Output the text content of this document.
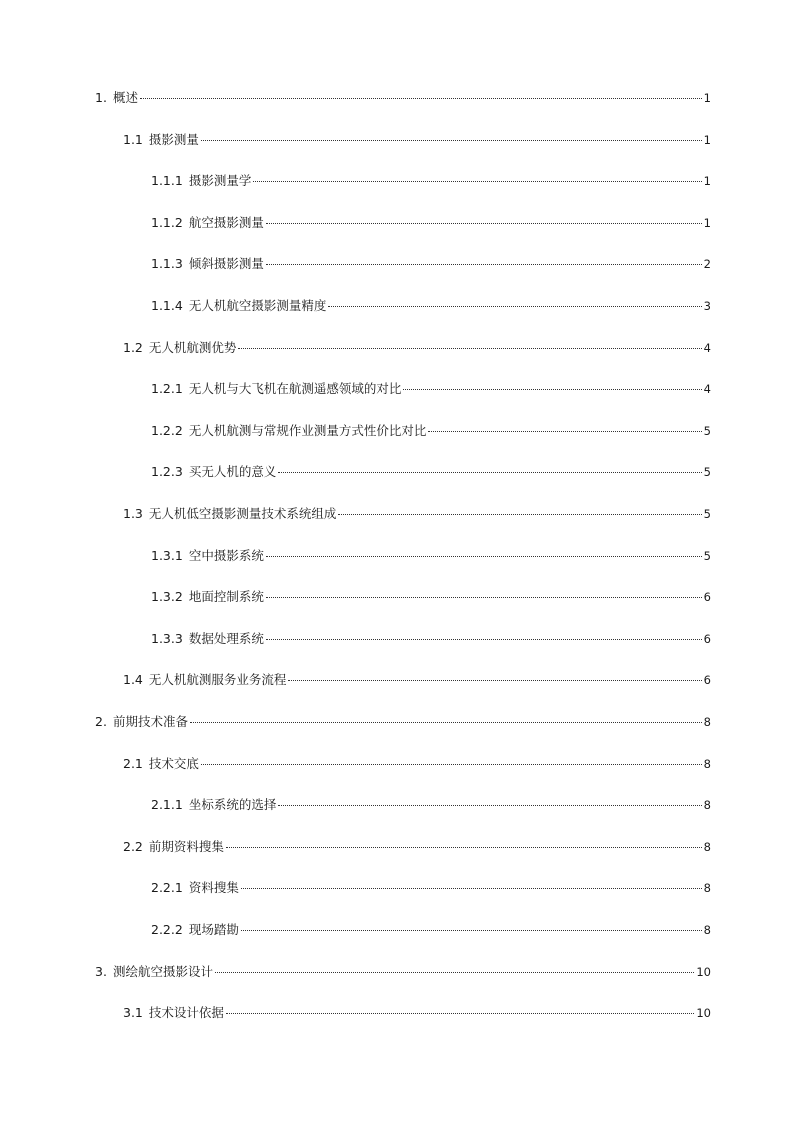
1. 概述	1
1.1 摄影测量	1
1.1.1 摄影测量学	1
1.1.2 航空摄影测量	1
1.1.3 倾斜摄影测量	2
1.1.4 无人机航空摄影测量精度	3
1.2 无人机航测优势	4
1.2.1 无人机与大飞机在航测遥感领域的对比	4
1.2.2 无人机航测与常规作业测量方式性价比对比	5
1.2.3 买无人机的意义	5
1.3 无人机低空摄影测量技术系统组成	5
1.3.1 空中摄影系统	5
1.3.2 地面控制系统	6
1.3.3 数据处理系统	6
1.4 无人机航测服务业务流程	6
2. 前期技术准备	8
2.1 技术交底	8
2.1.1 坐标系统的选择	8
2.2 前期资料搜集	8
2.2.1 资料搜集	8
2.2.2 现场踏勘	8
3. 测绘航空摄影设计	10
3.1 技术设计依据	10
